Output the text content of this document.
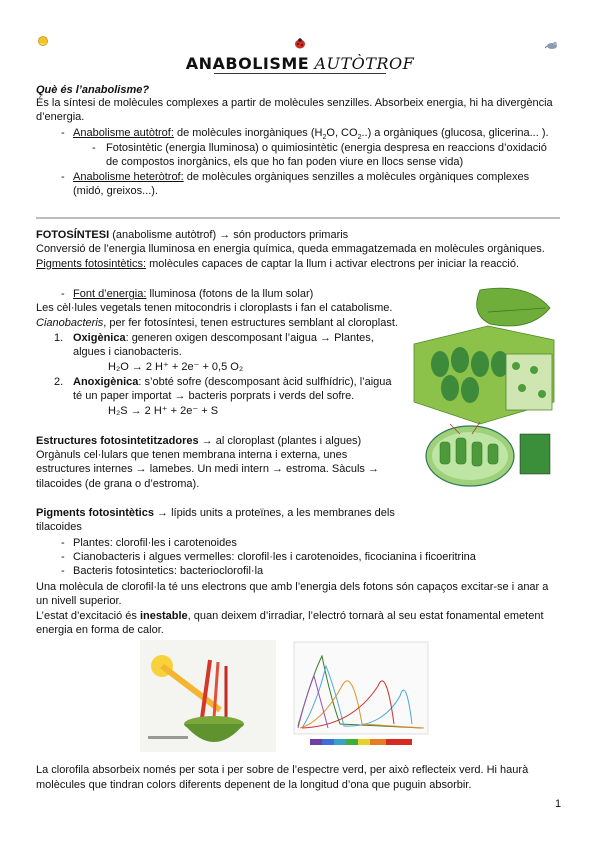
ANABOLISME AUTÒTROF
Què és l’anabolisme?
És la síntesi de molècules complexes a partir de molècules senzilles. Absorbeix energia, hi ha divergència
d’energia.
- Anabolisme autòtrof: de molècules inorgàniques ($H_2O$, $CO_2$..) a orgàniques (glucosa, glicerina... ).
- Fotosintètic (energia lluminosa) o quimiosintètic (energia despresa en reaccions d’oxidació
de compostos inorgànics, els que ho fan poden viure en llocs sense vida)
- Anabolisme heteròtrof: de molècules orgàniques senzilles a molècules orgàniques complexes
(midó, greixos...).
FOTOSÍNTESI (anabolisme autòtrof) → són productors primaris
Conversió de l’energia lluminosa en energia química, queda emmagatzemada en molècules orgàniques.
Pigments fotosintètics: molècules capaces de captar la llum i activar electrons per iniciar la reacció.
- Font d’energia: lluminosa (fotons de la llum solar)
Les cèl·lules vegetals tenen mitocondris i cloroplasts i fan el catabolisme.
Cianobacteris, per fer fotosíntesi, tenen estructures semblant al cloroplast.
1. Oxigènica: generen oxigen descomposant l’aigua → Plantes,
algues i cianobacteris.
H₂O → 2 H⁺ + 2e⁻ + 0,5 O₂
2. Anoxigènica: s’obté sofre (descomposant àcid sulfhídric), l’aigua
té un paper importat → bacteris porprats i verds del sofre.
H₂S → 2 H⁺ + 2e⁻ + S
Estructures fotosintetitzadores → al cloroplast (plantes i algues)
Orgànuls cel·lulars que tenen membrana interna i externa, unes
estructures internes → lamebes. Un medi intern → estroma. Sàculs →
tilacoides (de grana o d’estroma).
Pigments fotosintètics → lípids units a proteïnes, a les membranes dels
tilacoides
- Plantes: clorofil·les i carotenoides
- Cianobacteris i algues vermelles: clorofil·les i carotenoides, ficocianina i ficoeritrina
- Bacteris fotosintetics: bacterioclorofil·la
Una molècula de clorofil·la té uns electrons que amb l’energia dels fotons són capaços excitar-se i anar a
un nivell superior.
L’estat d’excitació és inestable, quan deixem d’irradiar, l’electró tornarà al seu estat fonamental emetent
energia en forma de calor.
1
La clorofila absorbeix només per sota i per sobre de l’espectre verd, per això reflecteix verd. Hi haurà
molècules que tindran colors diferents depenent de la longitud d’ona que puguin absorbir.
